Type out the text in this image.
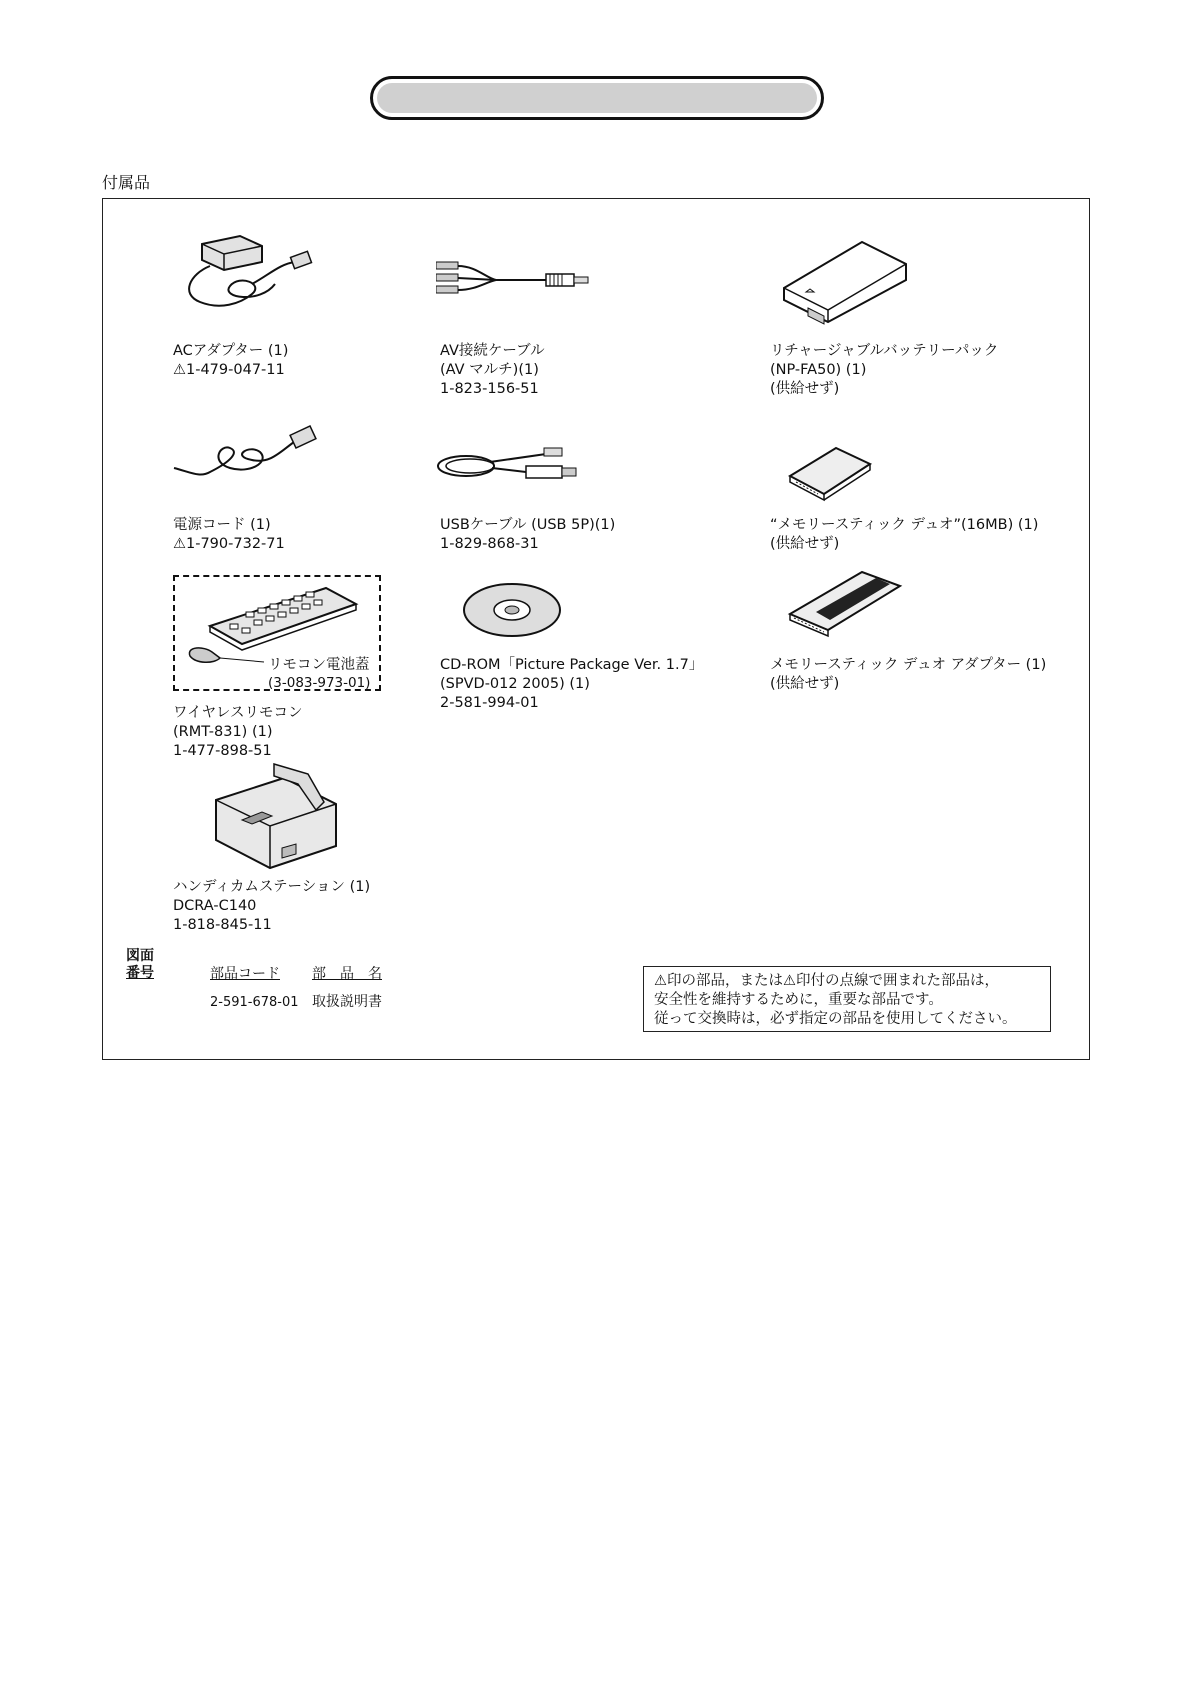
付属品
ACアダプター (1)
⚠1-479-047-11
AV接続ケーブル
(AV マルチ)(1)
1-823-156-51
リチャージャブルバッテリーパック
(NP-FA50) (1)
(供給せず)
電源コード (1)
⚠1-790-732-71
USBケーブル (USB 5P)(1)
1-829-868-31
“メモリースティック デュオ”(16MB) (1)
(供給せず)
リモコン電池蓋
(3-083-973-01)
ワイヤレスリモコン
(RMT-831) (1)
1-477-898-51
CD-ROM「Picture Package Ver. 1.7」
(SPVD-012 2005) (1)
2-581-994-01
メモリースティック デュオ アダプター (1)
(供給せず)
ハンディカムステーション (1)
DCRA-C140
1-818-845-11
図面
番号	部品コード 部　品　名
2-591-678-01 取扱説明書
⚠印の部品，または⚠印付の点線で囲まれた部品は，
安全性を維持するために，重要な部品です。
従って交換時は，必ず指定の部品を使用してください。
